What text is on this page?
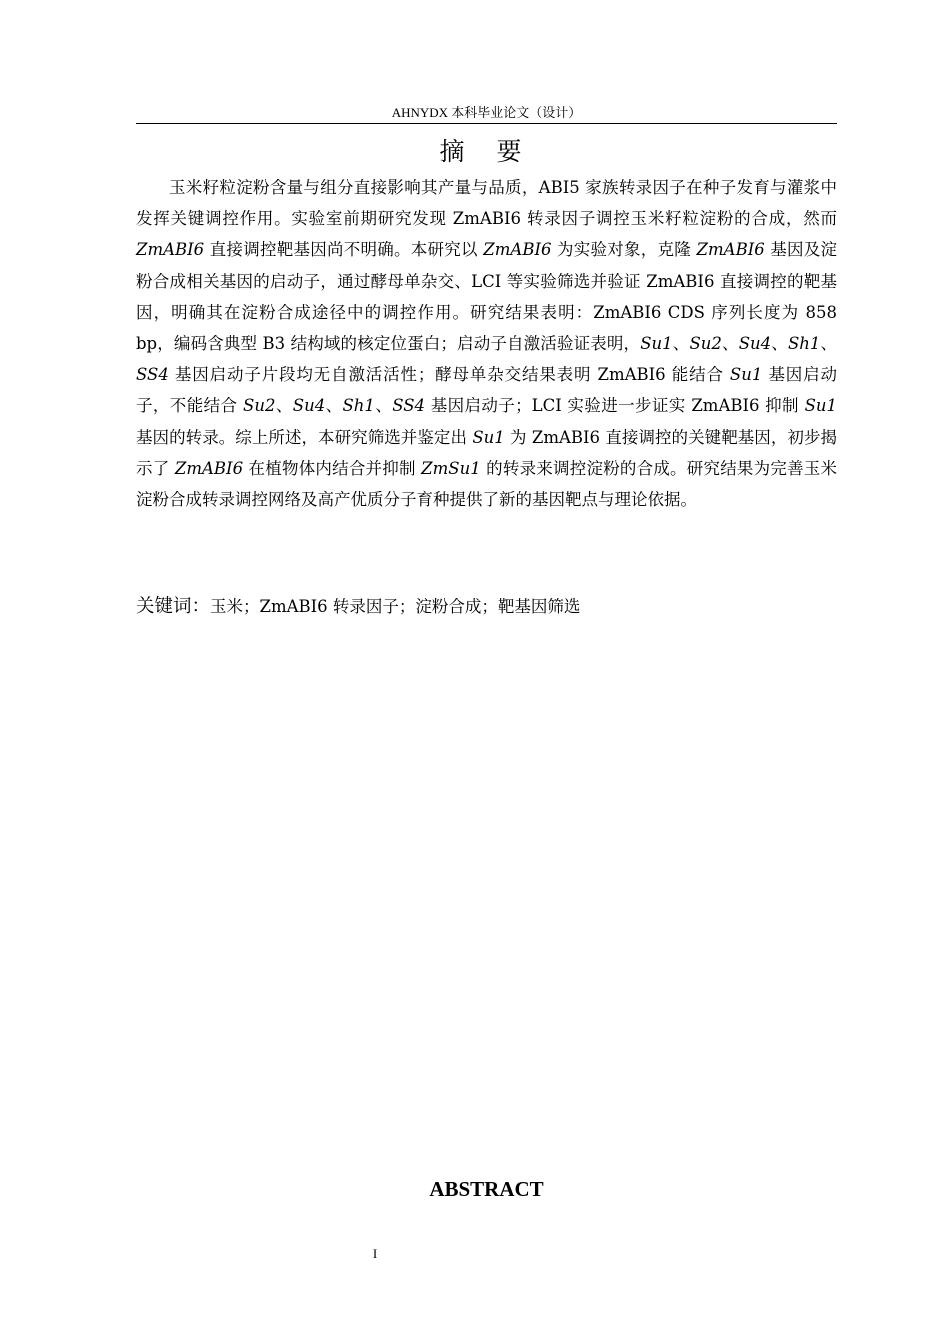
AHNYDX 本科毕业论文（设计）
摘 要

玉米籽粒淀粉含量与组分直接影响其产量与品质，ABI5 家族转录因子在种子发育与灌浆中发挥关键调控作用。实验室前期研究发现 ZmABI6 转录因子调控玉米籽粒淀粉的合成，然而 ZmABI6 直接调控靶基因尚不明确。本研究以 ZmABI6 为实验对象，克隆 ZmABI6 基因及淀粉合成相关基因的启动子，通过酵母单杂交、LCI 等实验筛选并验证 ZmABI6 直接调控的靶基因，明确其在淀粉合成途径中的调控作用。研究结果表明：ZmABI6 CDS 序列长度为 858 bp，编码含典型 B3 结构域的核定位蛋白；启动子自激活验证表明，Su1、Su2、Su4、Sh1、SS4 基因启动子片段均无自激活活性；酵母单杂交结果表明 ZmABI6 能结合 Su1 基因启动子，不能结合 Su2、Su4、Sh1、SS4 基因启动子；LCI 实验进一步证实 ZmABI6 抑制 Su1 基因的转录。综上所述，本研究筛选并鉴定出 Su1 为 ZmABI6 直接调控的关键靶基因，初步揭示了 ZmABI6 在植物体内结合并抑制 ZmSu1 的转录来调控淀粉的合成。研究结果为完善玉米淀粉合成转录调控网络及高产优质分子育种提供了新的基因靶点与理论依据。

关键词：玉米；ZmABI6 转录因子；淀粉合成；靶基因筛选
ABSTRACT
I
